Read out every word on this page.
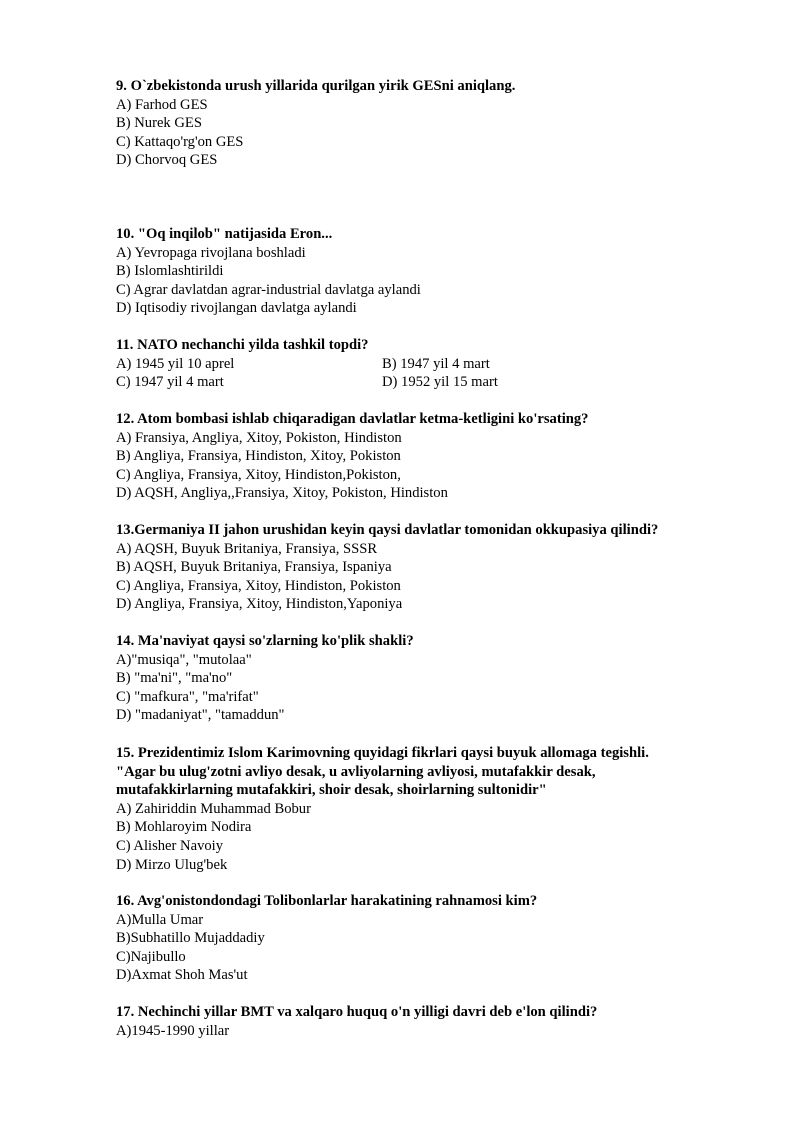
9. O`zbekistonda urush yillarida qurilgan yirik GESni aniqlang.
A) Farhod GES
B) Nurek GES
C) Kattaqo'rg'on GES
D) Chorvoq GES
10. "Oq inqilob" natijasida Eron...
A) Yevropaga rivojlana boshladi
B) Islomlashtirildi
C) Agrar davlatdan agrar-industrial davlatga aylandi
D) Iqtisodiy rivojlangan davlatga aylandi
11. NATO nechanchi yilda tashkil topdi?
A) 1945 yil 10 aprel	B) 1947 yil 4 mart
C) 1947 yil 4 mart	D) 1952 yil 15 mart
12. Atom bombasi ishlab chiqaradigan davlatlar ketma-ketligini ko'rsating?
A) Fransiya, Angliya, Xitoy, Pokiston, Hindiston
B) Angliya, Fransiya, Hindiston, Xitoy, Pokiston
C) Angliya, Fransiya, Xitoy, Hindiston,Pokiston,
D) AQSH, Angliya,,Fransiya, Xitoy, Pokiston, Hindiston
13.Germaniya II jahon urushidan keyin qaysi davlatlar tomonidan okkupasiya qilindi?
A) AQSH, Buyuk Britaniya, Fransiya, SSSR
B) AQSH, Buyuk Britaniya, Fransiya, Ispaniya
C) Angliya, Fransiya, Xitoy, Hindiston, Pokiston
D) Angliya, Fransiya, Xitoy, Hindiston,Yaponiya
14. Ma'naviyat qaysi so'zlarning ko'plik shakli?
A)"musiqa", "mutolaa"
B) "ma'ni", "ma'no"
C) "mafkura", "ma'rifat"
D) "madaniyat", "tamaddun"
15. Prezidentimiz Islom Karimovning quyidagi fikrlari qaysi buyuk allomaga tegishli.
"Agar bu ulug'zotni avliyo desak, u avliyolarning avliyosi, mutafakkir desak,
mutafakkirlarning mutafakkiri, shoir desak, shoirlarning sultonidir"
A) Zahiriddin Muhammad Bobur
B) Mohlaroyim Nodira
C) Alisher Navoiy
D) Mirzo Ulug'bek
16. Avg'onistondondagi Tolibonlarlar harakatining rahnamosi kim?
A)Mulla Umar
B)Subhatillo Mujaddadiy
C)Najibullo
D)Axmat Shoh Mas'ut
17. Nechinchi yillar BMT va xalqaro huquq o'n yilligi davri deb e'lon qilindi?
A)1945-1990 yillar
